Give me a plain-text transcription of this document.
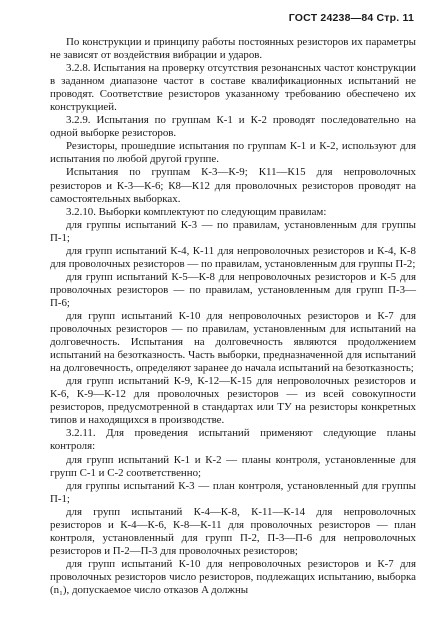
ГОСТ 24238—84 Стр. 11

По конструкции и принципу работы постоянных резисторов их параметры не зависят от воздействия вибрации и ударов.

3.2.8. Испытания на проверку отсутствия резонансных частот конструкции в заданном диапазоне частот в составе квалификационных испытаний не проводят. Соответствие резисторов указанному требованию обеспечено их конструкцией.

3.2.9. Испытания по группам К-1 и К-2 проводят последовательно на одной выборке резисторов.

Резисторы, прошедшие испытания по группам К-1 и К-2, используют для испытания по любой другой группе.

Испытания по группам К-3—К-9; К11—К15 для непроволочных резисторов и К-3—К-6; К8—К12 для проволочных резисторов проводят на самостоятельных выборках.

3.2.10. Выборки комплектуют по следующим правилам:

для группы испытаний К-3 — по правилам, установленным для группы П-1;

для групп испытаний К-4, К-11 для непроволочных резисторов и К-4, К-8 для проволочных резисторов — по правилам, установленным для группы П-2;

для групп испытаний К-5—К-8 для непроволочных резисторов и К-5 для проволочных резисторов — по правилам, установленным для групп П-3—П-6;

для групп испытаний К-10 для непроволочных резисторов и К-7 для проволочных резисторов — по правилам, установленным для испытаний на долговечность. Испытания на долговечность являются продолжением испытаний на безотказность. Часть выборки, предназначенной для испытаний на долговечность, определяют заранее до начала испытаний на безотказность;

для групп испытаний К-9, К-12—К-15 для непроволочных резисторов и К-6, К-9—К-12 для проволочных резисторов — из всей совокупности резисторов, предусмотренной в стандартах или ТУ на резисторы конкретных типов и находящихся в производстве.

3.2.11. Для проведения испытаний применяют следующие планы контроля:

для групп испытаний К-1 и К-2 — планы контроля, установленные для групп С-1 и С-2 соответственно;

для группы испытаний К-3 — план контроля, установленный для группы П-1;

для групп испытаний К-4—К-8, К-11—К-14 для непроволочных резисторов и К-4—К-6, К-8—К-11 для проволочных резисторов — план контроля, установленный для групп П-2, П-3—П-6 для непроволочных резисторов и П-2—П-3 для проволочных резисторов;

для групп испытаний К-10 для непроволочных резисторов и К-7 для проволочных резисторов число резисторов, подлежащих испытанию, выборка (n₁), допускаемое число отказов A должны
